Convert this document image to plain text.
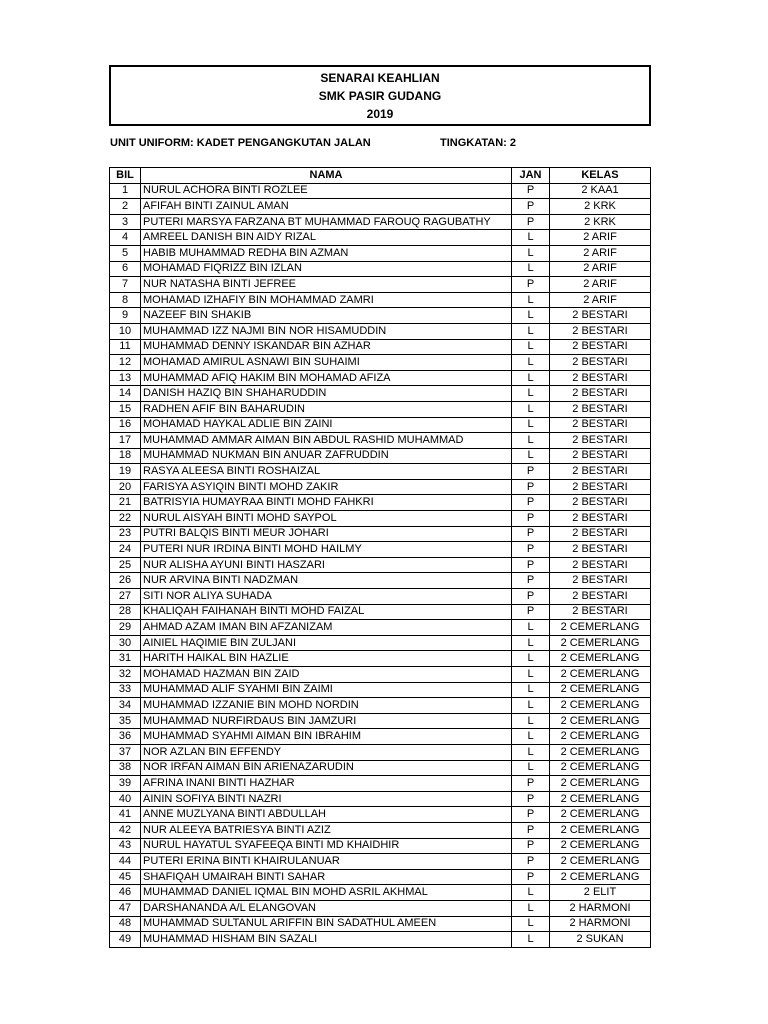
SENARAI KEAHLIAN
SMK PASIR GUDANG
2019
UNIT UNIFORM: KADET PENGANGKUTAN JALAN	TINGKATAN: 2
BIL	NAMA	JAN	KELAS
1	NURUL ACHORA BINTI ROZLEE	P	2 KAA1
2	AFIFAH BINTI ZAINUL AMAN	P	2 KRK
3	PUTERI MARSYA FARZANA BT MUHAMMAD FAROUQ RAGUBATHY	P	2 KRK
4	AMREEL DANISH BIN AIDY RIZAL	L	2 ARIF
5	HABIB MUHAMMAD REDHA BIN AZMAN	L	2 ARIF
6	MOHAMAD FIQRIZZ BIN IZLAN	L	2 ARIF
7	NUR NATASHA BINTI JEFREE	P	2 ARIF
8	MOHAMAD IZHAFIY BIN MOHAMMAD ZAMRI	L	2 ARIF
9	NAZEEF BIN SHAKIB	L	2 BESTARI
10	MUHAMMAD IZZ NAJMI BIN NOR HISAMUDDIN	L	2 BESTARI
11	MUHAMMAD DENNY ISKANDAR BIN AZHAR	L	2 BESTARI
12	MOHAMAD AMIRUL ASNAWI BIN SUHAIMI	L	2 BESTARI
13	MUHAMMAD AFIQ HAKIM BIN MOHAMAD AFIZA	L	2 BESTARI
14	DANISH HAZIQ BIN SHAHARUDDIN	L	2 BESTARI
15	RADHEN AFIF BIN BAHARUDIN	L	2 BESTARI
16	MOHAMAD HAYKAL ADLIE BIN ZAINI	L	2 BESTARI
17	MUHAMMAD AMMAR AIMAN BIN ABDUL RASHID MUHAMMAD	L	2 BESTARI
18	MUHAMMAD NUKMAN BIN ANUAR ZAFRUDDIN	L	2 BESTARI
19	RASYA ALEESA BINTI ROSHAIZAL	P	2 BESTARI
20	FARISYA ASYIQIN BINTI MOHD ZAKIR	P	2 BESTARI
21	BATRISYIA HUMAYRAA BINTI MOHD FAHKRI	P	2 BESTARI
22	NURUL AISYAH BINTI MOHD SAYPOL	P	2 BESTARI
23	PUTRI BALQIS BINTI MEUR JOHARI	P	2 BESTARI
24	PUTERI NUR IRDINA BINTI MOHD HAILMY	P	2 BESTARI
25	NUR ALISHA AYUNI BINTI HASZARI	P	2 BESTARI
26	NUR ARVINA BINTI NADZMAN	P	2 BESTARI
27	SITI NOR ALIYA SUHADA	P	2 BESTARI
28	KHALIQAH FAIHANAH BINTI MOHD FAIZAL	P	2 BESTARI
29	AHMAD AZAM IMAN BIN AFZANIZAM	L	2 CEMERLANG
30	AINIEL HAQIMIE BIN ZULJANI	L	2 CEMERLANG
31	HARITH HAIKAL BIN HAZLIE	L	2 CEMERLANG
32	MOHAMAD HAZMAN BIN ZAID	L	2 CEMERLANG
33	MUHAMMAD ALIF SYAHMI BIN ZAIMI	L	2 CEMERLANG
34	MUHAMMAD IZZANIE BIN MOHD NORDIN	L	2 CEMERLANG
35	MUHAMMAD NURFIRDAUS BIN JAMZURI	L	2 CEMERLANG
36	MUHAMMAD SYAHMI AIMAN BIN IBRAHIM	L	2 CEMERLANG
37	NOR AZLAN BIN EFFENDY	L	2 CEMERLANG
38	NOR IRFAN AIMAN BIN ARIENAZARUDIN	L	2 CEMERLANG
39	AFRINA INANI BINTI HAZHAR	P	2 CEMERLANG
40	AININ SOFIYA BINTI NAZRI	P	2 CEMERLANG
41	ANNE MUZLYANA BINTI ABDULLAH	P	2 CEMERLANG
42	NUR ALEEYA BATRIESYA BINTI AZIZ	P	2 CEMERLANG
43	NURUL HAYATUL SYAFEEQA BINTI MD KHAIDHIR	P	2 CEMERLANG
44	PUTERI ERINA BINTI KHAIRULANUAR	P	2 CEMERLANG
45	SHAFIQAH UMAIRAH BINTI SAHAR	P	2 CEMERLANG
46	MUHAMMAD DANIEL IQMAL BIN MOHD ASRIL AKHMAL	L	2 ELIT
47	DARSHANANDA A/L ELANGOVAN	L	2 HARMONI
48	MUHAMMAD SULTANUL ARIFFIN BIN SADATHUL AMEEN	L	2 HARMONI
49	MUHAMMAD HISHAM BIN SAZALI	L	2 SUKAN
